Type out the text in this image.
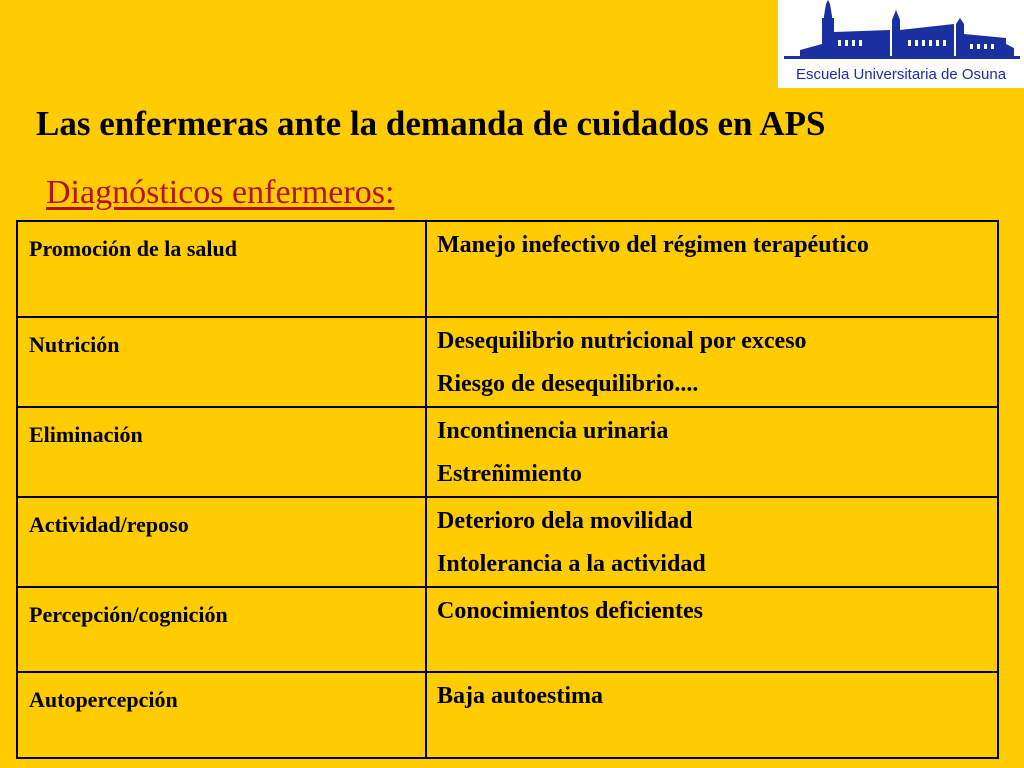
Escuela Universitaria de Osuna
Las enfermeras ante la demanda de cuidados en APS
Diagnósticos enfermeros:
Promoción de la salud	Manejo inefectivo del régimen terapéutico

Nutrición	Desequilibrio nutricional por exceso
Riesgo de desequilibrio....

Eliminación	Incontinencia urinaria
Estreñimiento

Actividad/reposo	Deterioro dela movilidad
Intolerancia a la actividad

Percepción/cognición	Conocimientos deficientes

Autopercepción	Baja autoestima
